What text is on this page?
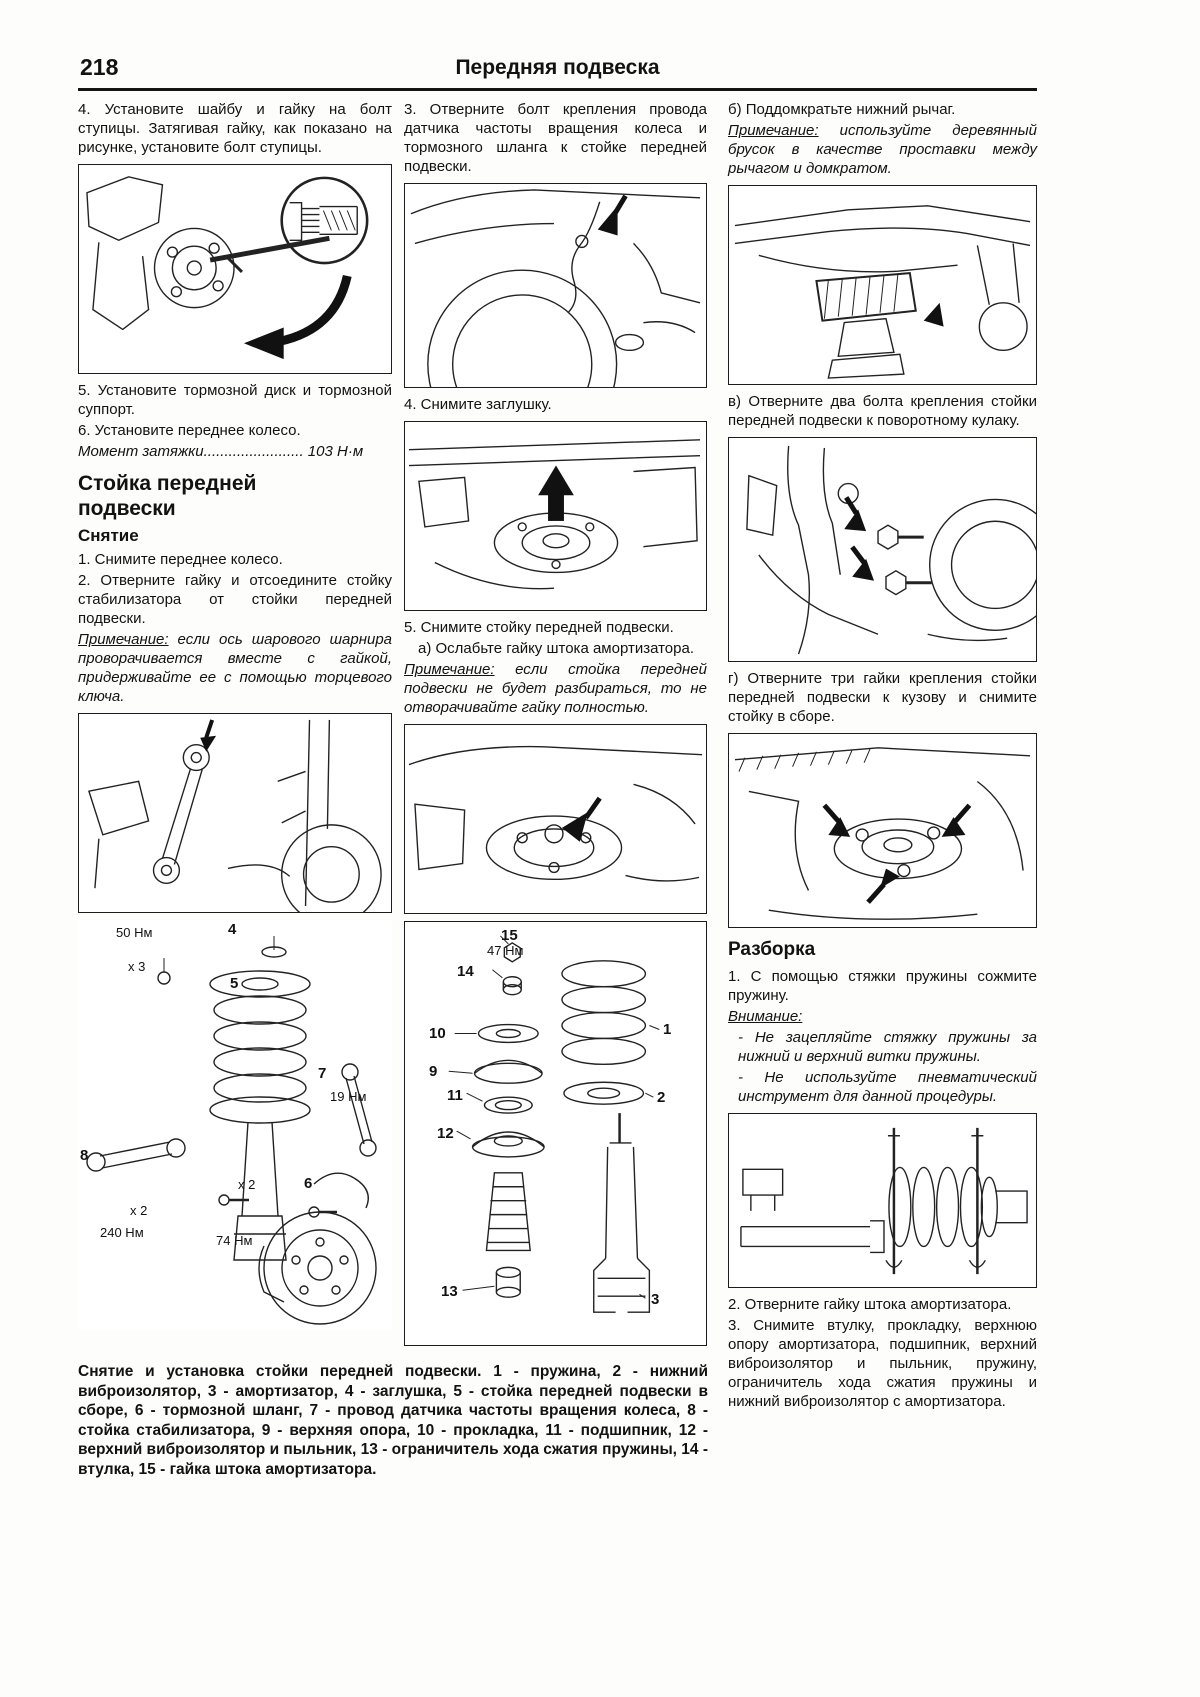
218	Передняя подвеска

4. Установите шайбу и гайку на болт ступицы. Затягивая гайку, как показано на рисунке, установите болт ступицы.

5. Установите тормозной диск и тормозной суппорт.

6. Установите переднее колесо.

Момент затяжки........................ 103 Н·м

Стойка передней подвески
Снятие

1. Снимите переднее колесо.

2. Отверните гайку и отсоедините стойку стабилизатора от стойки передней подвески.

Примечание: если ось шарового шарнира проворачивается вместе с гайкой, придерживайте ее с помощью торцевого ключа.

50 Нм	4
x 3
5
7
19 Нм
8
x 2
240 Нм
x 2	6
74 Нм

3. Отверните болт крепления провода датчика частоты вращения колеса и тормозного шланга к стойке передней подвески.

4. Снимите заглушку.

5. Снимите стойку передней подвески.

а) Ослабьте гайку штока амортизатора.

Примечание: если стойка передней подвески не будет разбираться, то не отворачивайте гайку полностью.

15
47 Нм
14
10
9
11
12
1
2
13	3

б) Поддомкратьте нижний рычаг.

Примечание: используйте деревянный брусок в качестве проставки между рычагом и домкратом.

в) Отверните два болта крепления стойки передней подвески к поворотному кулаку.

г) Отверните три гайки крепления стойки передней подвески к кузову и снимите стойку в сборе.

Разборка

1. С помощью стяжки пружины сожмите пружину.

Внимание:

- Не зацепляйте стяжку пружины за нижний и верхний витки пружины.

- Не используйте пневматический инструмент для данной процедуры.

2. Отверните гайку штока амортизатора.

3. Снимите втулку, прокладку, верхнюю опору амортизатора, подшипник, верхний виброизолятор и пыльник, пружину, ограничитель хода сжатия пружины и нижний виброизолятор с амортизатора.

Снятие и установка стойки передней подвески. 1 - пружина, 2 - нижний виброизолятор, 3 - амортизатор, 4 - заглушка, 5 - стойка передней подвески в сборе, 6 - тормозной шланг, 7 - провод датчика частоты вращения колеса, 8 - стойка стабилизатора, 9 - верхняя опора, 10 - прокладка, 11 - подшипник, 12 - верхний виброизолятор и пыльник, 13 - ограничитель хода сжатия пружины, 14 - втулка, 15 - гайка штока амортизатора.
